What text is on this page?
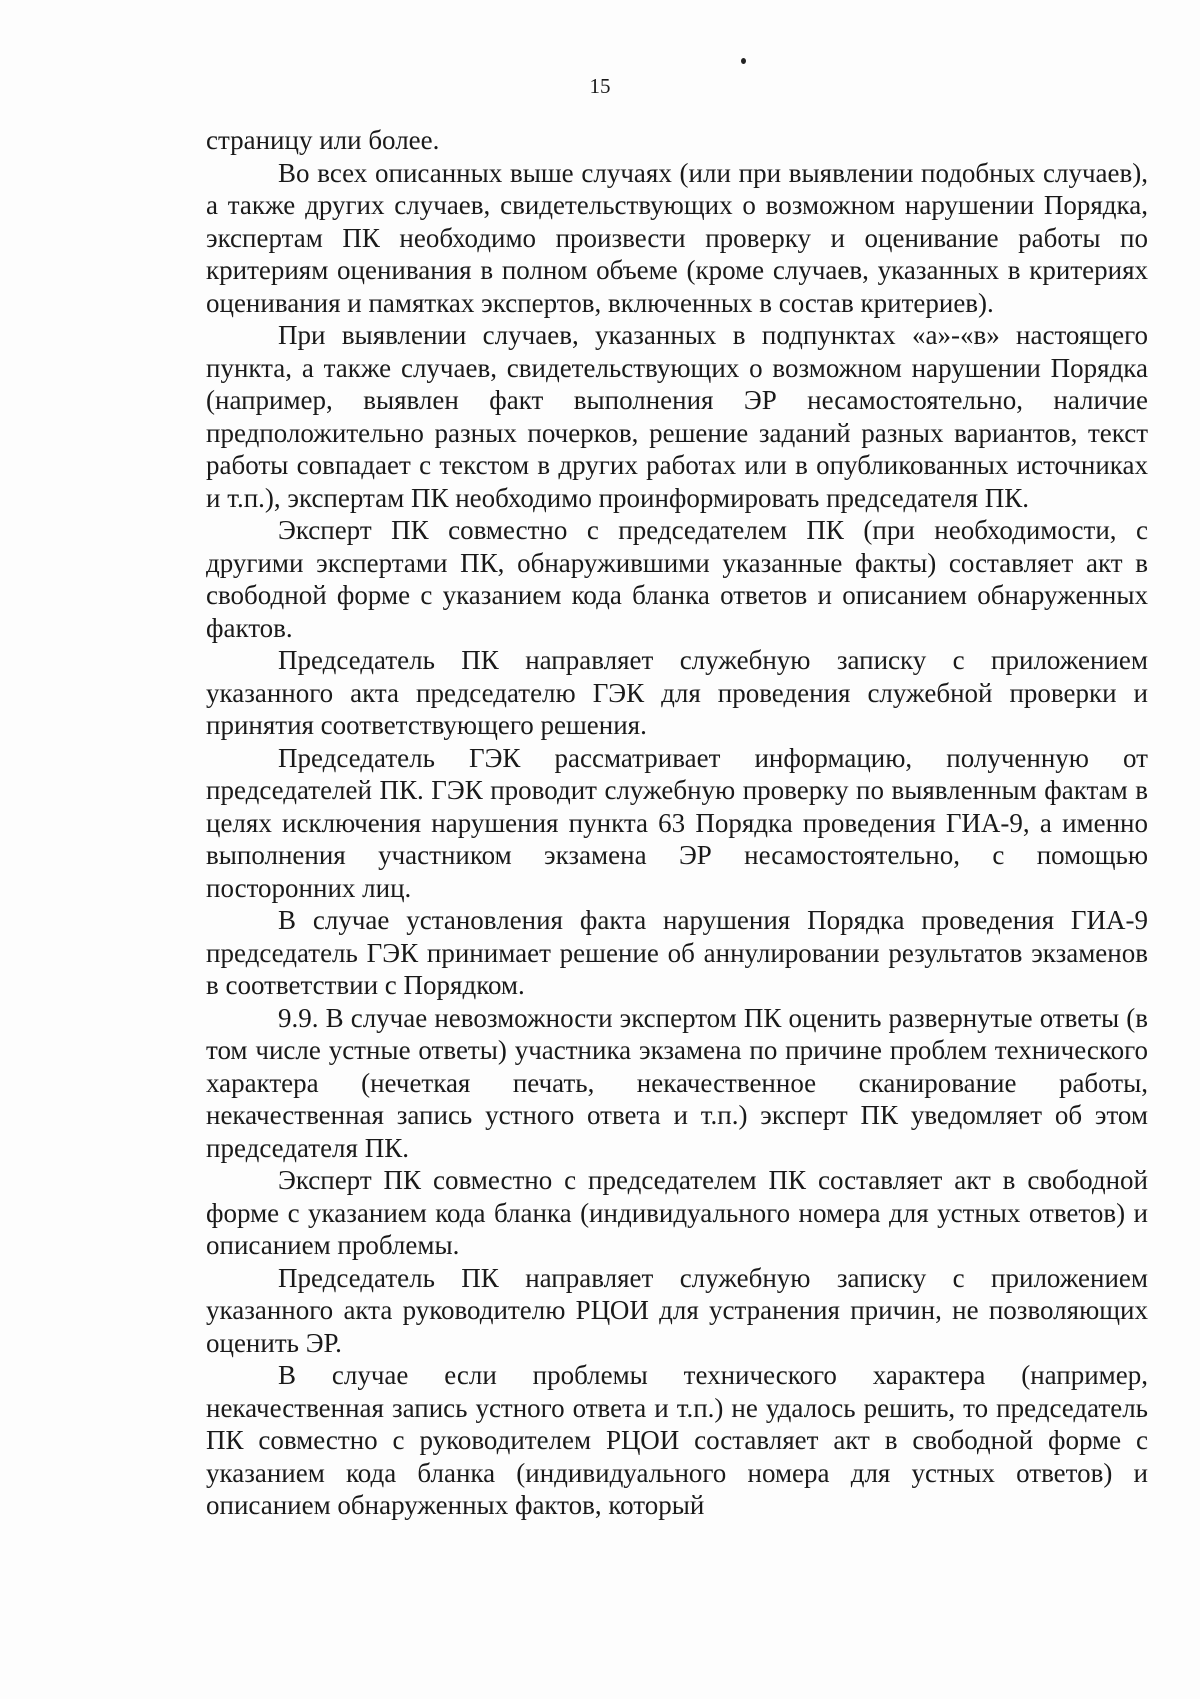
15

страницу или более.

Во всех описанных выше случаях (или при выявлении подобных случаев), а также других случаев, свидетельствующих о возможном нарушении Порядка, экспертам ПК необходимо произвести проверку и оценивание работы по критериям оценивания в полном объеме (кроме случаев, указанных в критериях оценивания и памятках экспертов, включенных в состав критериев).

При выявлении случаев, указанных в подпунктах «а»-«в» настоящего пункта, а также случаев, свидетельствующих о возможном нарушении Порядка (например, выявлен факт выполнения ЭР несамостоятельно, наличие предположительно разных почерков, решение заданий разных вариантов, текст работы совпадает с текстом в других работах или в опубликованных источниках и т.п.), экспертам ПК необходимо проинформировать председателя ПК.

Эксперт ПК совместно с председателем ПК (при необходимости, с другими экспертами ПК, обнаружившими указанные факты) составляет акт в свободной форме с указанием кода бланка ответов и описанием обнаруженных фактов.

Председатель ПК направляет служебную записку с приложением указанного акта председателю ГЭК для проведения служебной проверки и принятия соответствующего решения.

Председатель ГЭК рассматривает информацию, полученную от председателей ПК. ГЭК проводит служебную проверку по выявленным фактам в целях исключения нарушения пункта 63 Порядка проведения ГИА-9, а именно выполнения участником экзамена ЭР несамостоятельно, с помощью посторонних лиц.

В случае установления факта нарушения Порядка проведения ГИА-9 председатель ГЭК принимает решение об аннулировании результатов экзаменов в соответствии с Порядком.

9.9. В случае невозможности экспертом ПК оценить развернутые ответы (в том числе устные ответы) участника экзамена по причине проблем технического характера (нечеткая печать, некачественное сканирование работы, некачественная запись устного ответа и т.п.) эксперт ПК уведомляет об этом председателя ПК.

Эксперт ПК совместно с председателем ПК составляет акт в свободной форме с указанием кода бланка (индивидуального номера для устных ответов) и описанием проблемы.

Председатель ПК направляет служебную записку с приложением указанного акта руководителю РЦОИ для устранения причин, не позволяющих оценить ЭР.

В случае если проблемы технического характера (например, некачественная запись устного ответа и т.п.) не удалось решить, то председатель ПК совместно с руководителем РЦОИ составляет акт в свободной форме с указанием кода бланка (индивидуального номера для устных ответов) и описанием обнаруженных фактов, который
